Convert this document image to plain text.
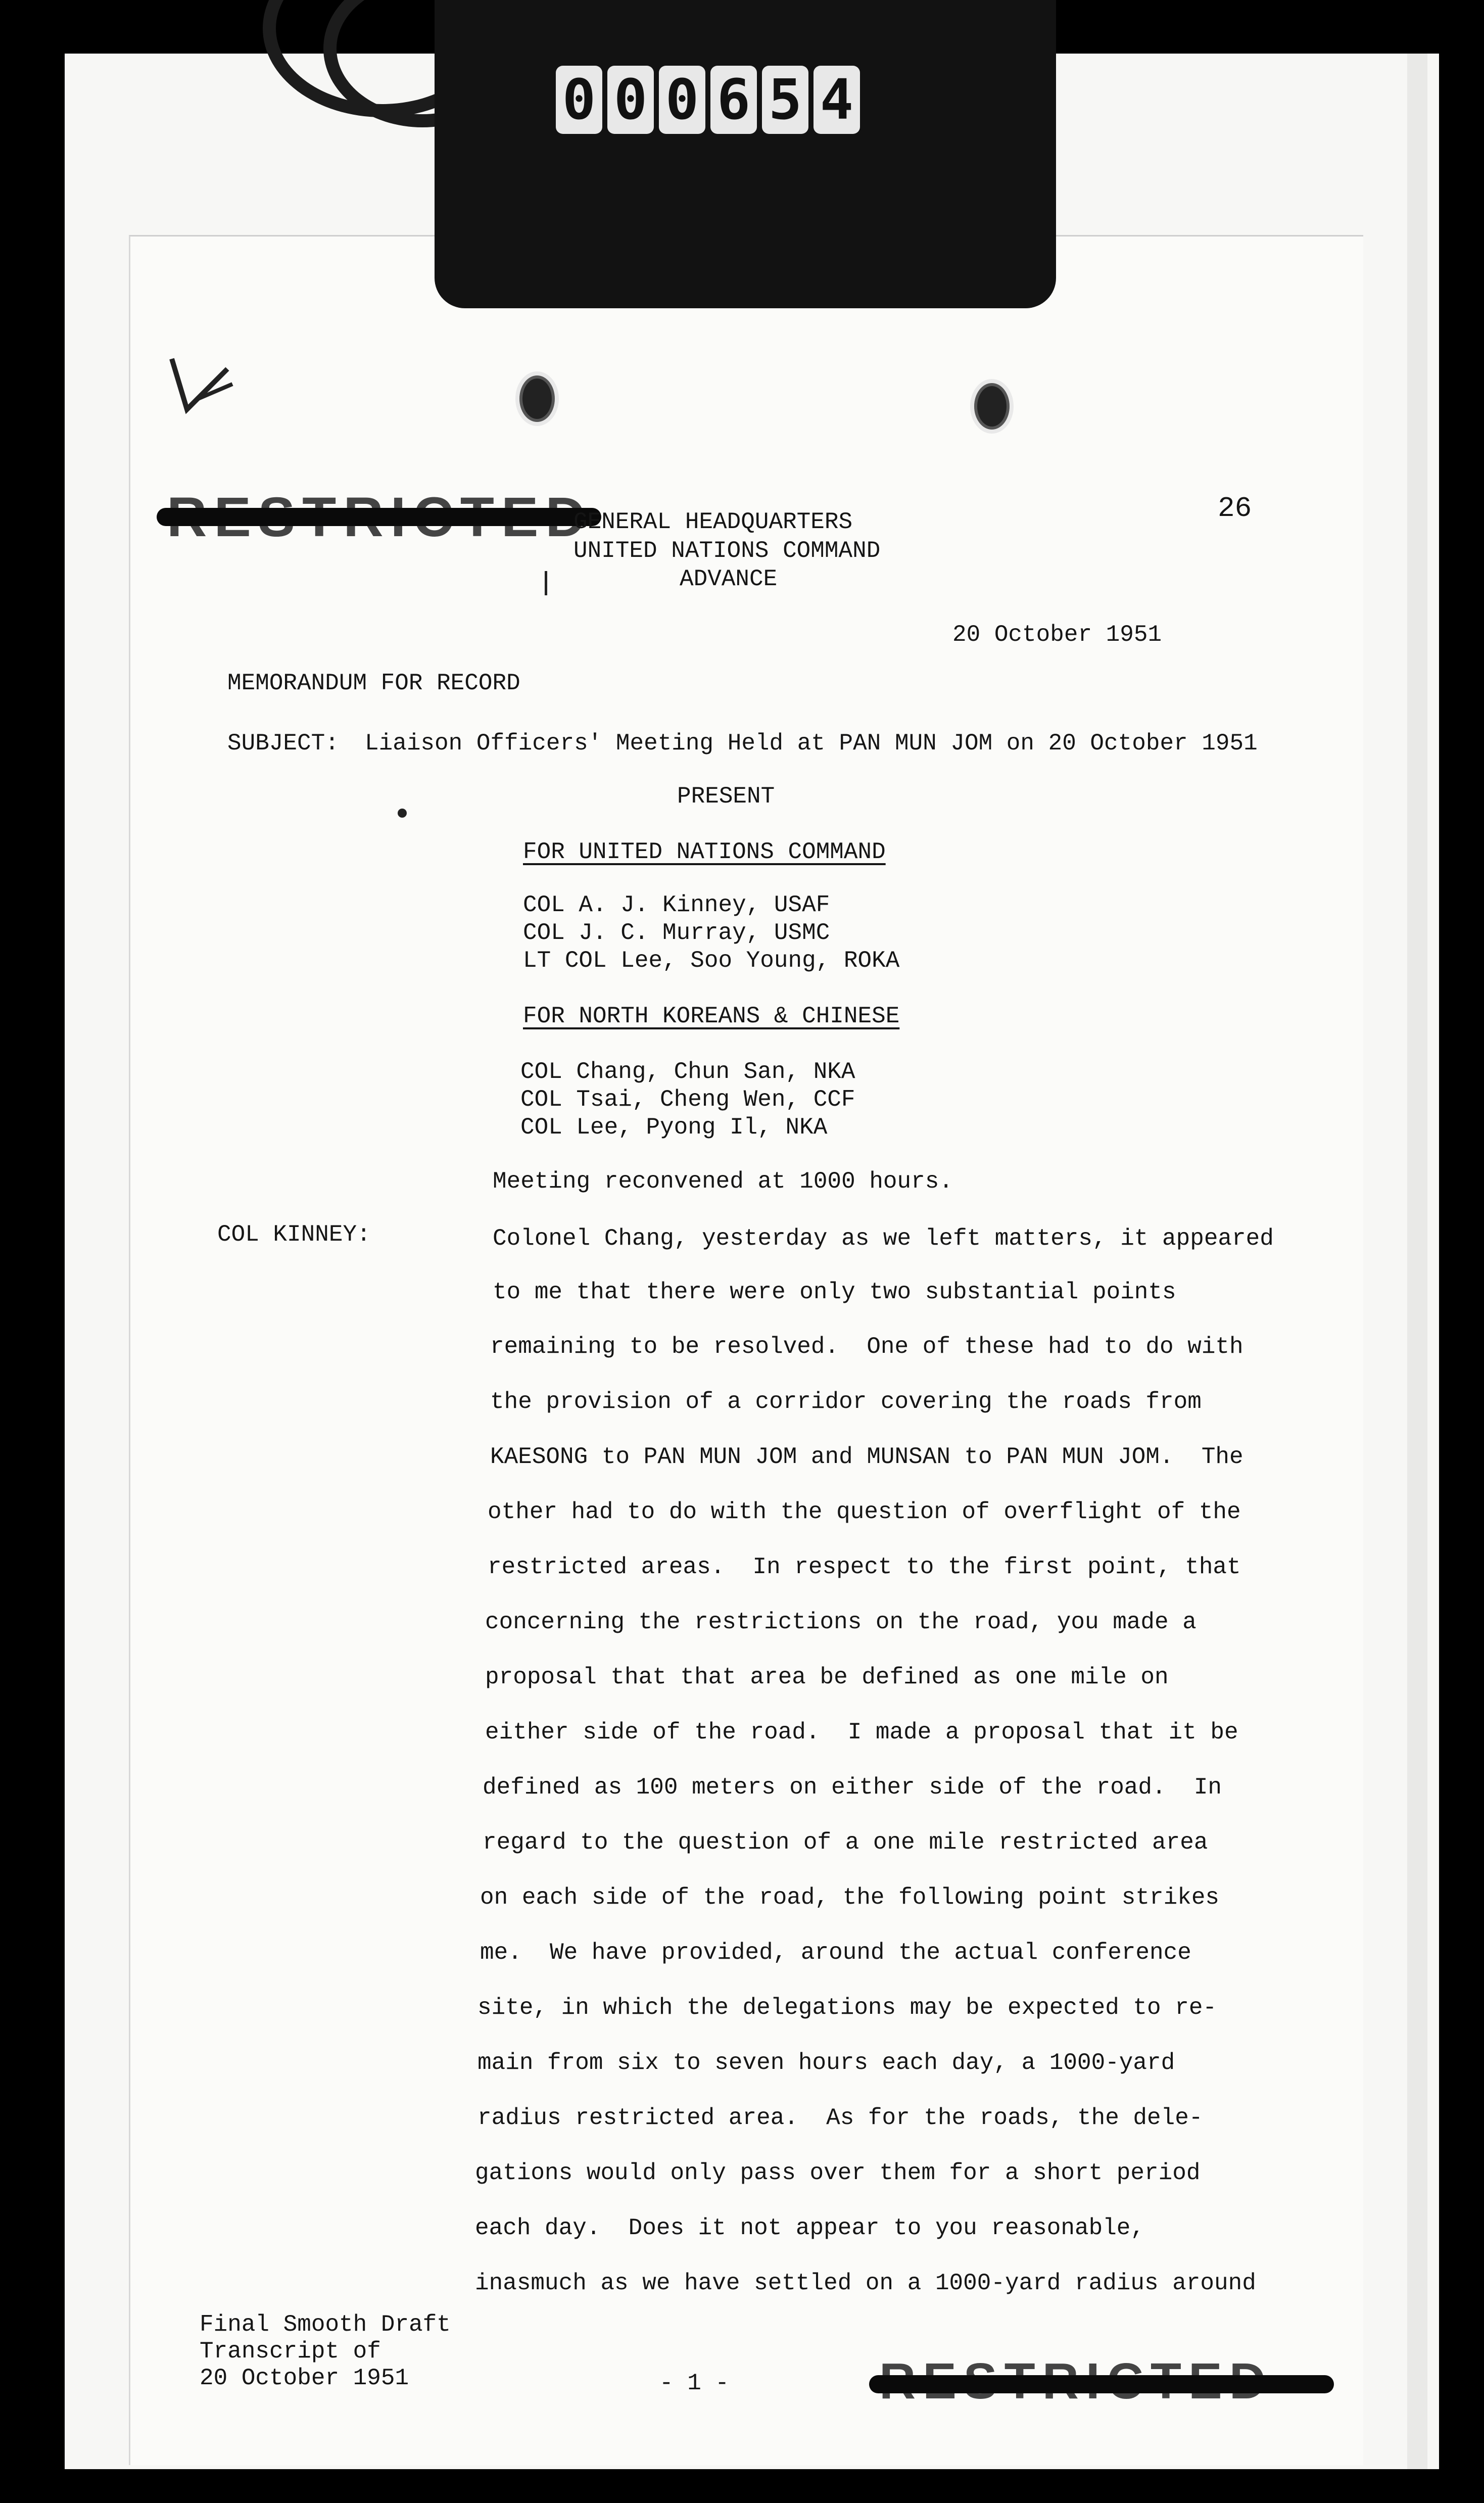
0 0 0 6 5 4
26
GENERAL HEADQUARTERS
UNITED NATIONS COMMAND
ADVANCE
20 October 1951
MEMORANDUM FOR RECORD
SUBJECT: Liaison Officers' Meeting Held at PAN MUN JOM on 20 October 1951
PRESENT
FOR UNITED NATIONS COMMAND
COL A. J. Kinney, USAF
COL J. C. Murray, USMC
LT COL Lee, Soo Young, ROKA
FOR NORTH KOREANS & CHINESE
COL Chang, Chun San, NKA
COL Tsai, Cheng Wen, CCF
COL Lee, Pyong Il, NKA
Meeting reconvened at 1000 hours.
COL KINNEY:	Colonel Chang, yesterday as we left matters, it appeared
to me that there were only two substantial points
remaining to be resolved.  One of these had to do with
the provision of a corridor covering the roads from
KAESONG to PAN MUN JOM and MUNSAN to PAN MUN JOM.  The
other had to do with the question of overflight of the
restricted areas.  In respect to the first point, that
concerning the restrictions on the road, you made a
proposal that that area be defined as one mile on
either side of the road.  I made a proposal that it be
defined as 100 meters on either side of the road.  In
regard to the question of a one mile restricted area
on each side of the road, the following point strikes
me.  We have provided, around the actual conference
site, in which the delegations may be expected to re-
main from six to seven hours each day, a 1000-yard
radius restricted area.  As for the roads, the dele-
gations would only pass over them for a short period
each day.  Does it not appear to you reasonable,
inasmuch as we have settled on a 1000-yard radius around
Final Smooth Draft
Transcript of
20 October 1951	- 1 -
